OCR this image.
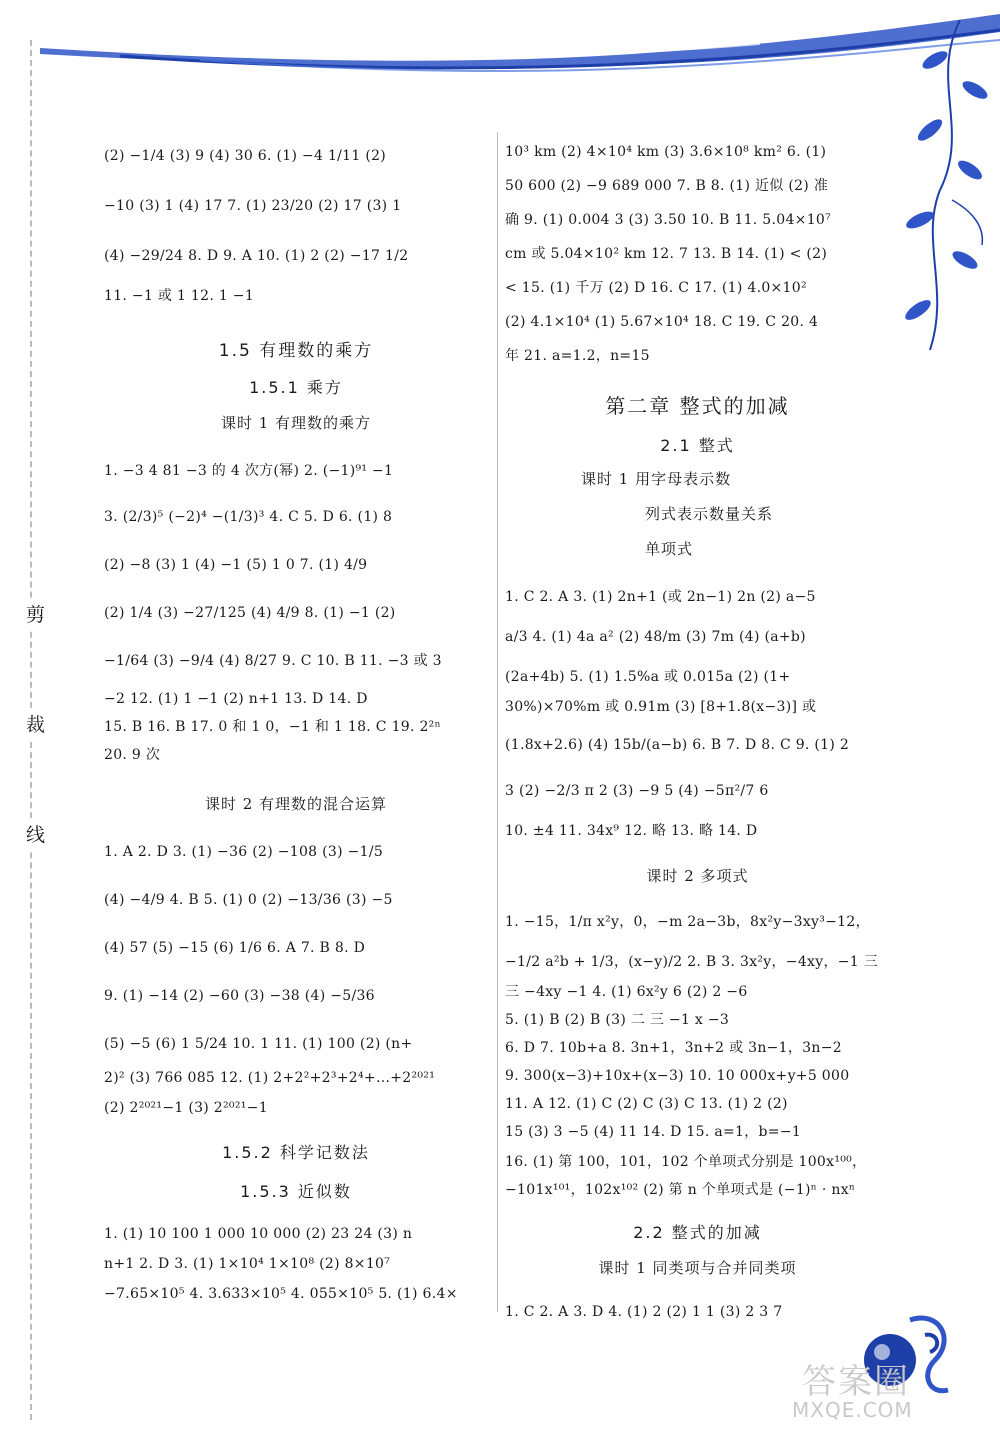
剪
裁
线

(2) −1/4 (3) 9 (4) 30 6. (1) −4 1/11 (2)

−10 (3) 1 (4) 17 7. (1) 23/20 (2) 17 (3) 1

(4) −29/24 8. D 9. A 10. (1) 2 (2) −17 1/2

11. −1 或 1 12. 1 −1

1.5 有理数的乘方

1.5.1 乘方

课时 1 有理数的乘方

1. −3 4 81 −3 的 4 次方(幂) 2. (−1)⁹¹ −1

3. (2/3)⁵ (−2)⁴ −(1/3)³ 4. C 5. D 6. (1) 8

(2) −8 (3) 1 (4) −1 (5) 1 0 7. (1) 4/9

(2) 1/4 (3) −27/125 (4) 4/9 8. (1) −1 (2)

−1/64 (3) −9/4 (4) 8/27 9. C 10. B 11. −3 或 3

−2 12. (1) 1 −1 (2) n+1 13. D 14. D

15. B 16. B 17. 0 和 1 0，−1 和 1 18. C 19. 2²ⁿ

20. 9 次

课时 2 有理数的混合运算

1. A 2. D 3. (1) −36 (2) −108 (3) −1/5

(4) −4/9 4. B 5. (1) 0 (2) −13/36 (3) −5

(4) 57 (5) −15 (6) 1/6 6. A 7. B 8. D

9. (1) −14 (2) −60 (3) −38 (4) −5/36

(5) −5 (6) 1 5/24 10. 1 11. (1) 100 (2) (n+

2)² (3) 766 085 12. (1) 2+2²+2³+2⁴+…+2²⁰²¹

(2) 2²⁰²¹−1 (3) 2²⁰²¹−1

1.5.2 科学记数法

1.5.3 近似数

1. (1) 10 100 1 000 10 000 (2) 23 24 (3) n

n+1 2. D 3. (1) 1×10⁴ 1×10⁸ (2) 8×10⁷

−7.65×10⁵ 4. 3.633×10⁵ 4. 055×10⁵ 5. (1) 6.4×

10³ km (2) 4×10⁴ km (3) 3.6×10⁸ km² 6. (1)

50 600 (2) −9 689 000 7. B 8. (1) 近似 (2) 准

确 9. (1) 0.004 3 (3) 3.50 10. B 11. 5.04×10⁷

cm 或 5.04×10² km 12. 7 13. B 14. (1) < (2)

< 15. (1) 千万 (2) D 16. C 17. (1) 4.0×10²

(2) 4.1×10⁴ (1) 5.67×10⁴ 18. C 19. C 20. 4

年 21. a=1.2，n=15

第二章 整式的加减

2.1 整式

课时 1 用字母表示数

列式表示数量关系

单项式

1. C 2. A 3. (1) 2n+1 (或 2n−1) 2n (2) a−5

a/3 4. (1) 4a a² (2) 48/m (3) 7m (4) (a+b)

(2a+4b) 5. (1) 1.5%a 或 0.015a (2) (1+

30%)×70%m 或 0.91m (3) [8+1.8(x−3)] 或

(1.8x+2.6) (4) 15b/(a−b) 6. B 7. D 8. C 9. (1) 2

3 (2) −2/3 π 2 (3) −9 5 (4) −5π²/7 6

10. ±4 11. 34x⁹ 12. 略 13. 略 14. D

课时 2 多项式

1. −15，1/π x²y，0，−m 2a−3b，8x²y−3xy³−12，

−1/2 a²b + 1/3，(x−y)/2 2. B 3. 3x²y，−4xy，−1 三

三 −4xy −1 4. (1) 6x²y 6 (2) 2 −6

5. (1) B (2) B (3) 二 三 −1 x −3

6. D 7. 10b+a 8. 3n+1，3n+2 或 3n−1，3n−2

9. 300(x−3)+10x+(x−3) 10. 10 000x+y+5 000

11. A 12. (1) C (2) C (3) C 13. (1) 2 (2)

15 (3) 3 −5 (4) 11 14. D 15. a=1，b=−1

16. (1) 第 100，101，102 个单项式分别是 100x¹⁰⁰，

−101x¹⁰¹，102x¹⁰² (2) 第 n 个单项式是 (−1)ⁿ · nxⁿ

2.2 整式的加减

课时 1 同类项与合并同类项

1. C 2. A 3. D 4. (1) 2 (2) 1 1 (3) 2 3 7

答案圈
MXQE.COM
